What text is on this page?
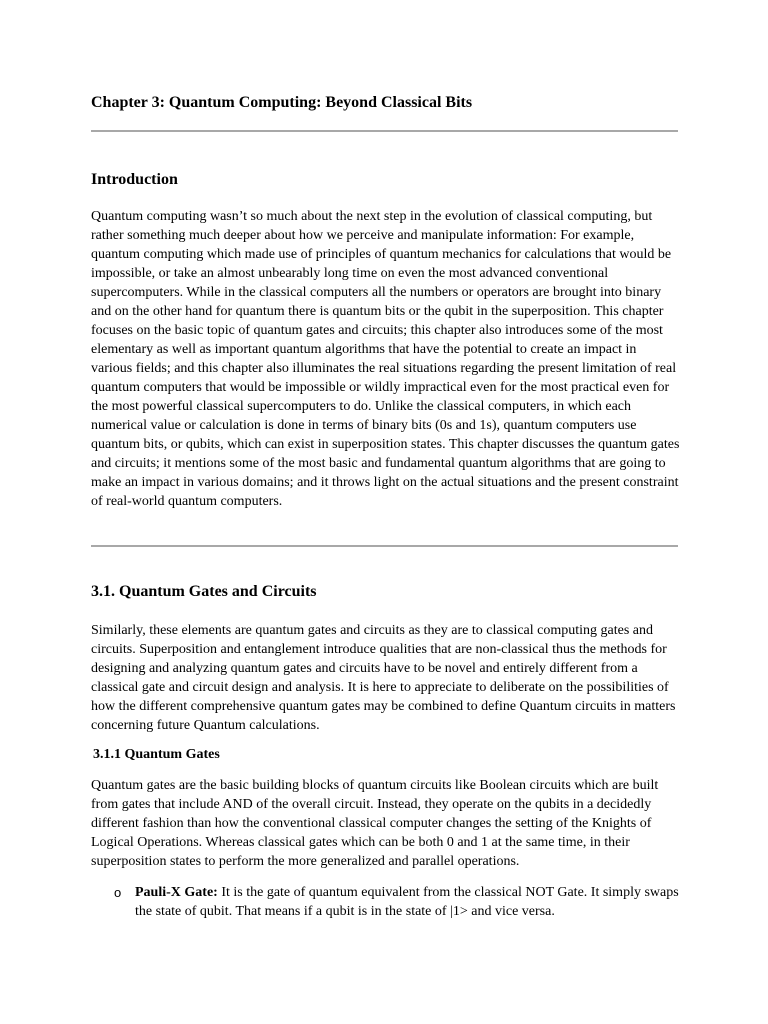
Chapter 3: Quantum Computing: Beyond Classical Bits
Introduction

Quantum computing wasn’t so much about the next step in the evolution of classical computing, but rather something much deeper about how we perceive and manipulate information: For example, quantum computing which made use of principles of quantum mechanics for calculations that would be impossible, or take an almost unbearably long time on even the most advanced conventional supercomputers. While in the classical computers all the numbers or operators are brought into binary and on the other hand for quantum there is quantum bits or the qubit in the superposition. This chapter focuses on the basic topic of quantum gates and circuits; this chapter also introduces some of the most elementary as well as important quantum algorithms that have the potential to create an impact in various fields; and this chapter also illuminates the real situations regarding the present limitation of real quantum computers that would be impossible or wildly impractical even for the most practical even for the most powerful classical supercomputers to do. Unlike the classical computers, in which each numerical value or calculation is done in terms of binary bits (0s and 1s), quantum computers use quantum bits, or qubits, which can exist in superposition states. This chapter discusses the quantum gates and circuits; it mentions some of the most basic and fundamental quantum algorithms that are going to make an impact in various domains; and it throws light on the actual situations and the present constraint of real-world quantum computers.

3.1. Quantum Gates and Circuits

Similarly, these elements are quantum gates and circuits as they are to classical computing gates and circuits. Superposition and entanglement introduce qualities that are non-classical thus the methods for designing and analyzing quantum gates and circuits have to be novel and entirely different from a classical gate and circuit design and analysis. It is here to appreciate to deliberate on the possibilities of how the different comprehensive quantum gates may be combined to define Quantum circuits in matters concerning future Quantum calculations.

3.1.1 Quantum Gates

Quantum gates are the basic building blocks of quantum circuits like Boolean circuits which are built from gates that include AND of the overall circuit. Instead, they operate on the qubits in a decidedly different fashion than how the conventional classical computer changes the setting of the Knights of Logical Operations. Whereas classical gates which can be both 0 and 1 at the same time, in their superposition states to perform the more generalized and parallel operations.

o Pauli-X Gate: It is the gate of quantum equivalent from the classical NOT Gate. It simply swaps the state of qubit. That means if a qubit is in the state of |1> and vice versa.
